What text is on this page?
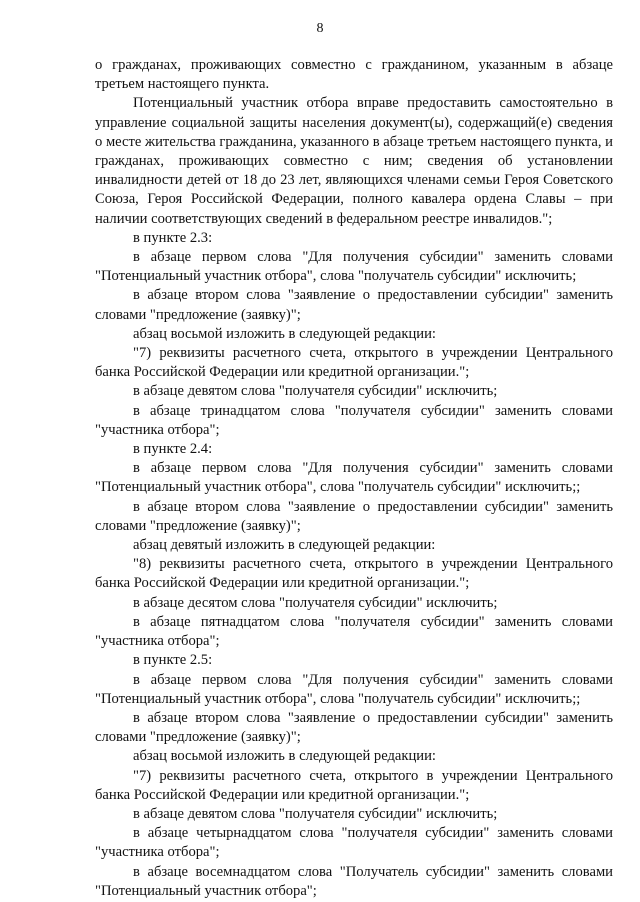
8

о гражданах, проживающих совместно с гражданином, указанным в абзаце третьем настоящего пункта.

Потенциальный участник отбора вправе предоставить самостоятельно в управление социальной защиты населения документ(ы), содержащий(е) сведения о месте жительства гражданина, указанного в абзаце третьем настоящего пункта, и гражданах, проживающих совместно с ним; сведения об установлении инвалидности детей от 18 до 23 лет, являющихся членами семьи Героя Советского Союза, Героя Российской Федерации, полного кавалера ордена Славы – при наличии соответствующих сведений в федеральном реестре инвалидов.";

в пункте 2.3:

в абзаце первом слова "Для получения субсидии" заменить словами "Потенциальный участник отбора", слова "получатель субсидии" исключить;

в абзаце втором слова "заявление о предоставлении субсидии" заменить словами "предложение (заявку)";

абзац восьмой изложить в следующей редакции:

"7) реквизиты расчетного счета, открытого в учреждении Центрального банка Российской Федерации или кредитной организации.";

в абзаце девятом слова "получателя субсидии" исключить;

в абзаце тринадцатом слова "получателя субсидии" заменить словами "участника отбора";

в пункте 2.4:

в абзаце первом слова "Для получения субсидии" заменить словами "Потенциальный участник отбора", слова "получатель субсидии" исключить;;

в абзаце втором слова "заявление о предоставлении субсидии" заменить словами "предложение (заявку)";

абзац девятый изложить в следующей редакции:

"8) реквизиты расчетного счета, открытого в учреждении Центрального банка Российской Федерации или кредитной организации.";

в абзаце десятом слова "получателя субсидии" исключить;

в абзаце пятнадцатом слова "получателя субсидии" заменить словами "участника отбора";

в пункте 2.5:

в абзаце первом слова "Для получения субсидии" заменить словами "Потенциальный участник отбора", слова "получатель субсидии" исключить;;

в абзаце втором слова "заявление о предоставлении субсидии" заменить словами "предложение (заявку)";

абзац восьмой изложить в следующей редакции:

"7) реквизиты расчетного счета, открытого в учреждении Центрального банка Российской Федерации или кредитной организации.";

в абзаце девятом слова "получателя субсидии" исключить;

в абзаце четырнадцатом слова "получателя субсидии" заменить словами "участника отбора";

в абзаце восемнадцатом слова "Получатель субсидии" заменить словами "Потенциальный участник отбора";
